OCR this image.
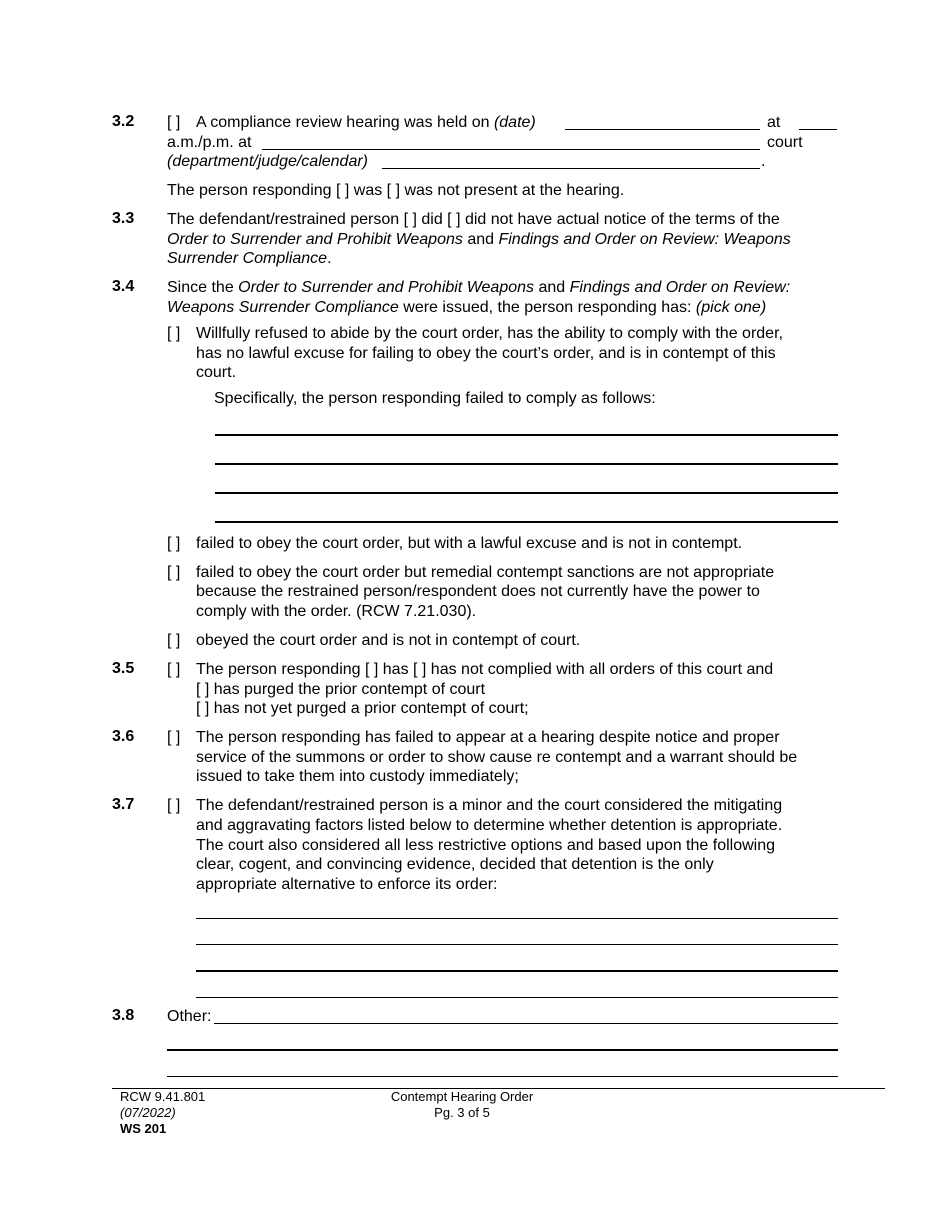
3.2 [ ] A compliance review hearing was held on (date)	at
a.m./p.m. at	court
(department/judge/calendar)	.
The person responding [ ] was [ ] was not present at the hearing.
3.3 The defendant/restrained person [ ] did [ ] did not have actual notice of the terms of the
Order to Surrender and Prohibit Weapons and Findings and Order on Review: Weapons
Surrender Compliance.
3.4 Since the Order to Surrender and Prohibit Weapons and Findings and Order on Review:
Weapons Surrender Compliance were issued, the person responding has: (pick one)
[ ] Willfully refused to abide by the court order, has the ability to comply with the order,
has no lawful excuse for failing to obey the court’s order, and is in contempt of this
court.
Specifically, the person responding failed to comply as follows:
[ ] failed to obey the court order, but with a lawful excuse and is not in contempt.
[ ] failed to obey the court order but remedial contempt sanctions are not appropriate
because the restrained person/respondent does not currently have the power to
comply with the order. (RCW 7.21.030).
[ ] obeyed the court order and is not in contempt of court.
3.5 [ ] The person responding [ ] has [ ] has not complied with all orders of this court and
[ ] has purged the prior contempt of court
[ ] has not yet purged a prior contempt of court;
3.6 [ ] The person responding has failed to appear at a hearing despite notice and proper
service of the summons or order to show cause re contempt and a warrant should be
issued to take them into custody immediately;
3.7 [ ] The defendant/restrained person is a minor and the court considered the mitigating
and aggravating factors listed below to determine whether detention is appropriate.
The court also considered all less restrictive options and based upon the following
clear, cogent, and convincing evidence, decided that detention is the only
appropriate alternative to enforce its order:
3.8 Other:
RCW 9.41.801
(07/2022)
WS 201
Contempt Hearing Order
Pg. 3 of 5
